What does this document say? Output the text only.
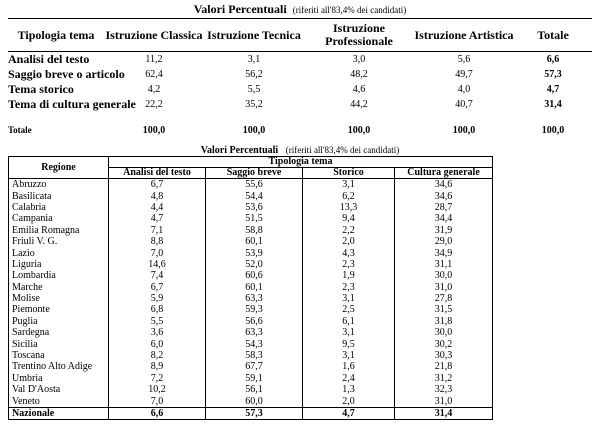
Valori Percentuali (riferiti all'83,4% dei candidati)
Tipologia tema	Istruzione Classica	Istruzione Tecnica	Istruzione Professionale	Istruzione Artistica	Totale
Analisi del testo	11,2	3,1	3,0	5,6	6,6
Saggio breve o articolo	62,4	56,2	48,2	49,7	57,3
Tema storico	4,2	5,5	4,6	4,0	4,7
Tema di cultura generale	22,2	35,2	44,2	40,7	31,4

Totale	100,0	100,0	100,0	100,0	100,0
Valori Percentuali (riferiti all'83,4% dei candidati)
Regione	Tipologia tema			
	Analisi del testo	Saggio breve	Storico	Cultura generale
Abruzzo	6,7	55,6	3,1	34,6
Basilicata	4,8	54,4	6,2	34,6
Calabria	4,4	53,6	13,3	28,7
Campania	4,7	51,5	9,4	34,4
Emilia Romagna	7,1	58,8	2,2	31,9
Friuli V. G.	8,8	60,1	2,0	29,0
Lazio	7,0	53,9	4,3	34,9
Liguria	14,6	52,0	2,3	31,1
Lombardia	7,4	60,6	1,9	30,0
Marche	6,7	60,1	2,3	31,0
Molise	5,9	63,3	3,1	27,8
Piemonte	6,8	59,3	2,5	31,5
Puglia	5,5	56,6	6,1	31,8
Sardegna	3,6	63,3	3,1	30,0
Sicilia	6,0	54,3	9,5	30,2
Toscana	8,2	58,3	3,1	30,3
Trentino Alto Adige	8,9	67,7	1,6	21,8
Umbria	7,2	59,1	2,4	31,2
Val D'Aosta	10,2	56,1	1,3	32,3
Veneto	7,0	60,0	2,0	31,0
Nazionale	6,6	57,3	4,7	31,4
